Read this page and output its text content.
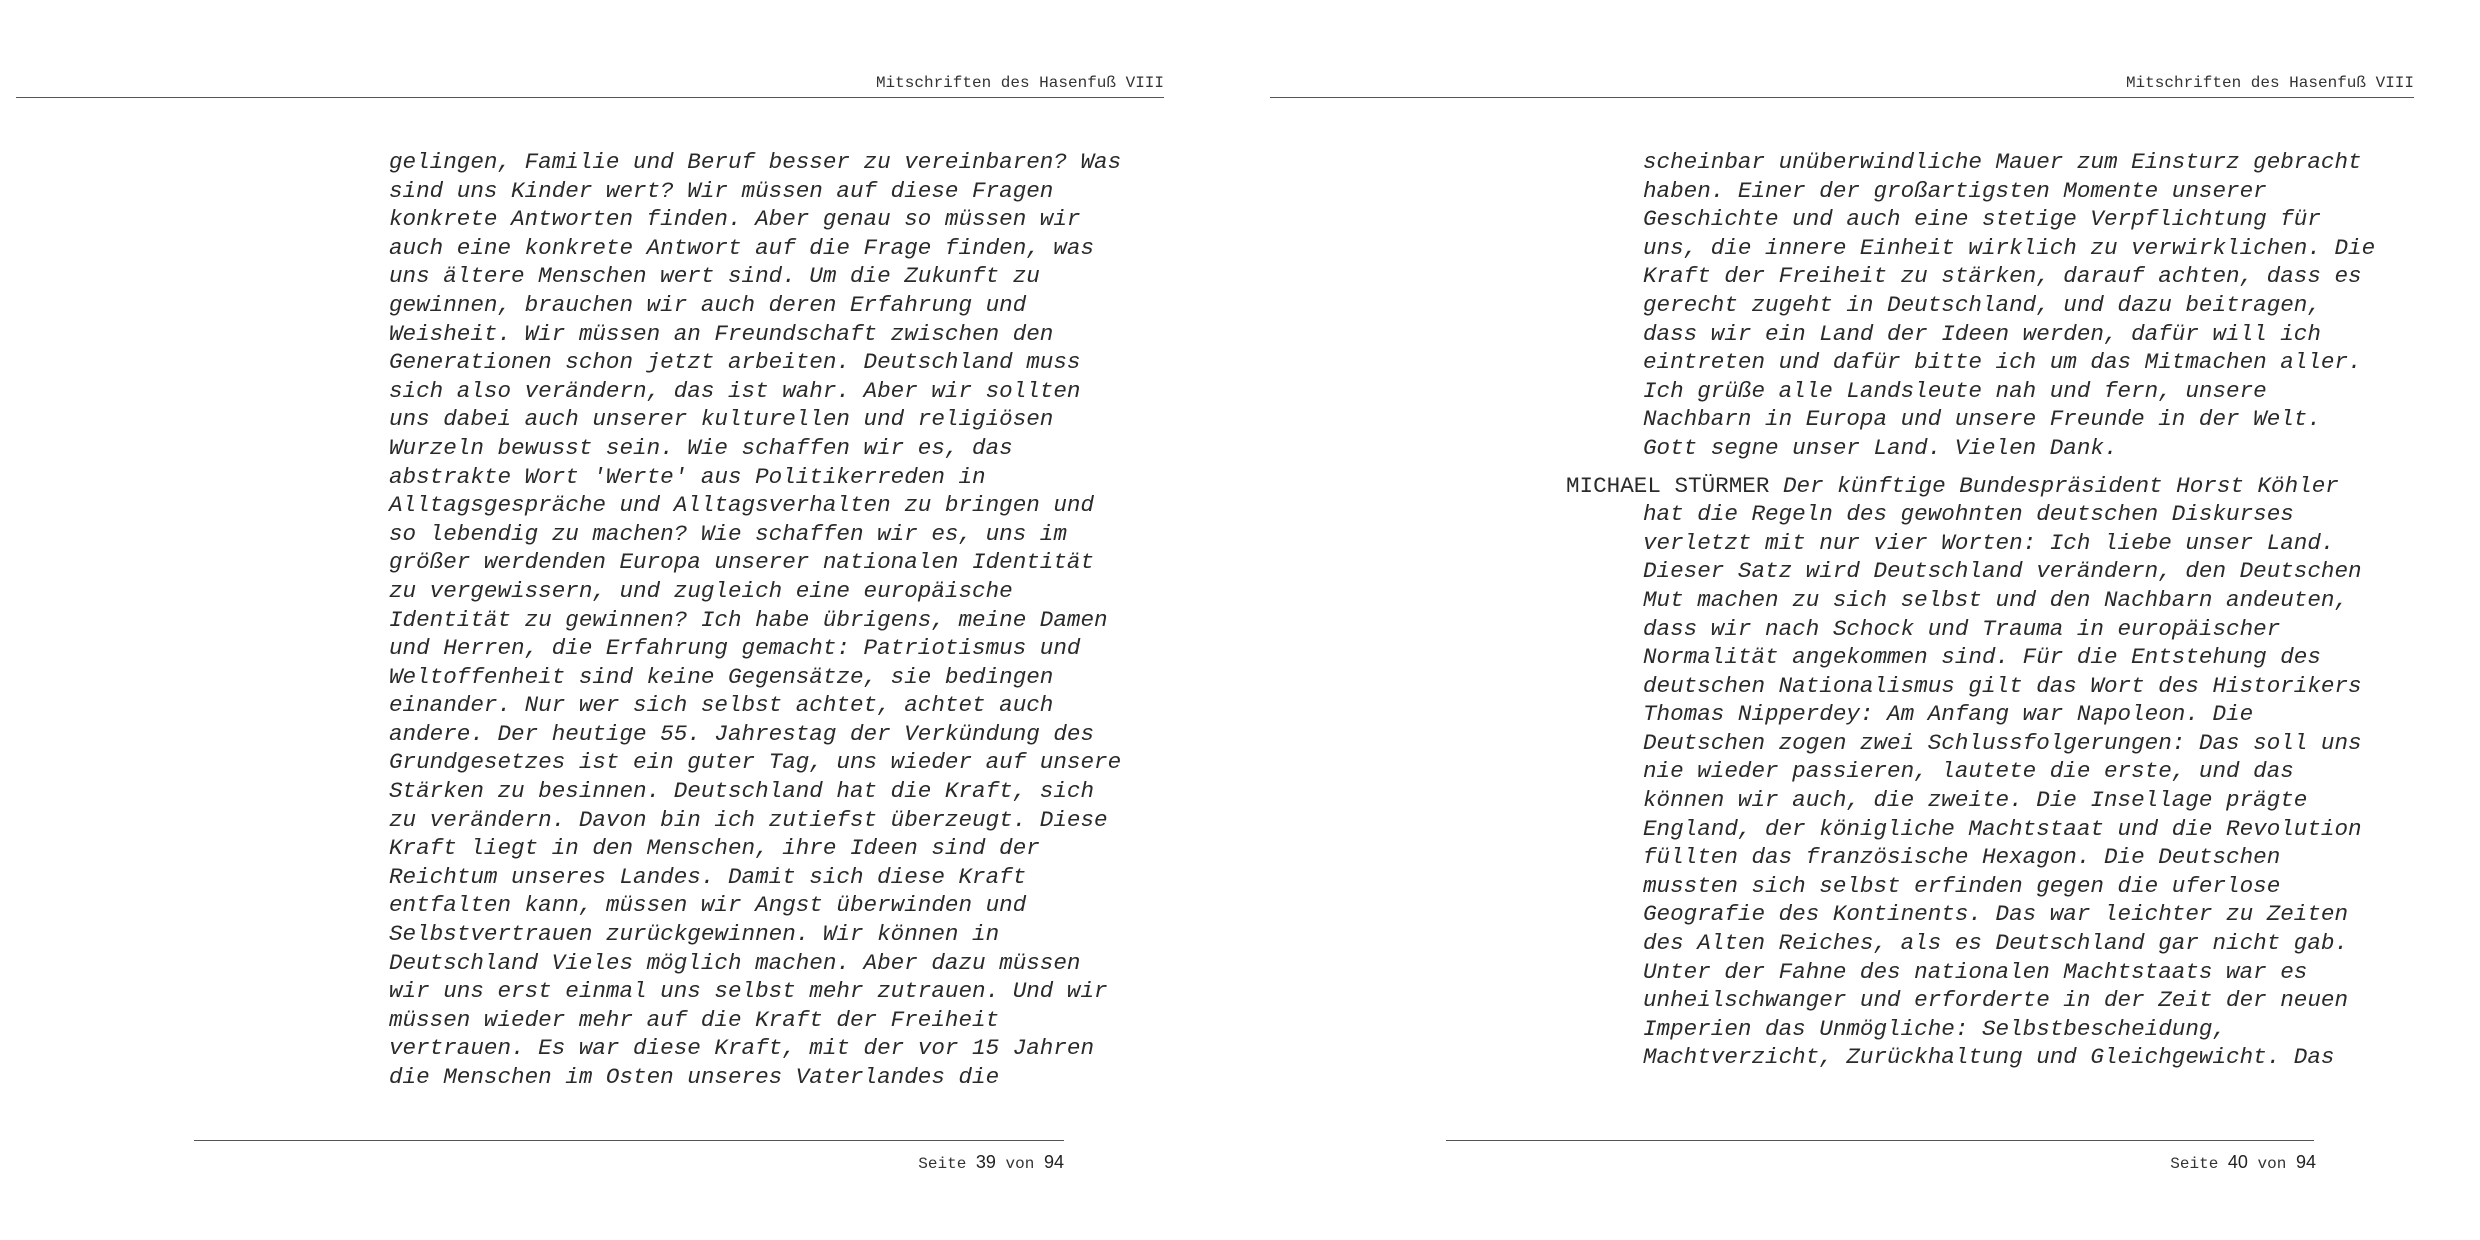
Mitschriften des Hasenfuß VIII
gelingen, Familie und Beruf besser zu vereinbaren? Was
sind uns Kinder wert? Wir müssen auf diese Fragen
konkrete Antworten finden. Aber genau so müssen wir
auch eine konkrete Antwort auf die Frage finden, was
uns ältere Menschen wert sind. Um die Zukunft zu
gewinnen, brauchen wir auch deren Erfahrung und
Weisheit. Wir müssen an Freundschaft zwischen den
Generationen schon jetzt arbeiten. Deutschland muss
sich also verändern, das ist wahr. Aber wir sollten
uns dabei auch unserer kulturellen und religiösen
Wurzeln bewusst sein. Wie schaffen wir es, das
abstrakte Wort 'Werte' aus Politikerreden in
Alltagsgespräche und Alltagsverhalten zu bringen und
so lebendig zu machen? Wie schaffen wir es, uns im
größer werdenden Europa unserer nationalen Identität
zu vergewissern, und zugleich eine europäische
Identität zu gewinnen? Ich habe übrigens, meine Damen
und Herren, die Erfahrung gemacht: Patriotismus und
Weltoffenheit sind keine Gegensätze, sie bedingen
einander. Nur wer sich selbst achtet, achtet auch
andere. Der heutige 55. Jahrestag der Verkündung des
Grundgesetzes ist ein guter Tag, uns wieder auf unsere
Stärken zu besinnen. Deutschland hat die Kraft, sich
zu verändern. Davon bin ich zutiefst überzeugt. Diese
Kraft liegt in den Menschen, ihre Ideen sind der
Reichtum unseres Landes. Damit sich diese Kraft
entfalten kann, müssen wir Angst überwinden und
Selbstvertrauen zurückgewinnen. Wir können in
Deutschland Vieles möglich machen. Aber dazu müssen
wir uns erst einmal uns selbst mehr zutrauen. Und wir
müssen wieder mehr auf die Kraft der Freiheit
vertrauen. Es war diese Kraft, mit der vor 15 Jahren
die Menschen im Osten unseres Vaterlandes die
Seite 39 von 94
Mitschriften des Hasenfuß VIII
scheinbar unüberwindliche Mauer zum Einsturz gebracht
haben. Einer der großartigsten Momente unserer
Geschichte und auch eine stetige Verpflichtung für
uns, die innere Einheit wirklich zu verwirklichen. Die
Kraft der Freiheit zu stärken, darauf achten, dass es
gerecht zugeht in Deutschland, und dazu beitragen,
dass wir ein Land der Ideen werden, dafür will ich
eintreten und dafür bitte ich um das Mitmachen aller.
Ich grüße alle Landsleute nah und fern, unsere
Nachbarn in Europa und unsere Freunde in der Welt.
Gott segne unser Land. Vielen Dank.
MICHAEL STÜRMER Der künftige Bundespräsident Horst Köhler
hat die Regeln des gewohnten deutschen Diskurses
verletzt mit nur vier Worten: Ich liebe unser Land.
Dieser Satz wird Deutschland verändern, den Deutschen
Mut machen zu sich selbst und den Nachbarn andeuten,
dass wir nach Schock und Trauma in europäischer
Normalität angekommen sind. Für die Entstehung des
deutschen Nationalismus gilt das Wort des Historikers
Thomas Nipperdey: Am Anfang war Napoleon. Die
Deutschen zogen zwei Schlussfolgerungen: Das soll uns
nie wieder passieren, lautete die erste, und das
können wir auch, die zweite. Die Insellage prägte
England, der königliche Machtstaat und die Revolution
füllten das französische Hexagon. Die Deutschen
mussten sich selbst erfinden gegen die uferlose
Geografie des Kontinents. Das war leichter zu Zeiten
des Alten Reiches, als es Deutschland gar nicht gab.
Unter der Fahne des nationalen Machtstaats war es
unheilschwanger und erforderte in der Zeit der neuen
Imperien das Unmögliche: Selbstbescheidung,
Machtverzicht, Zurückhaltung und Gleichgewicht. Das
Seite 40 von 94
